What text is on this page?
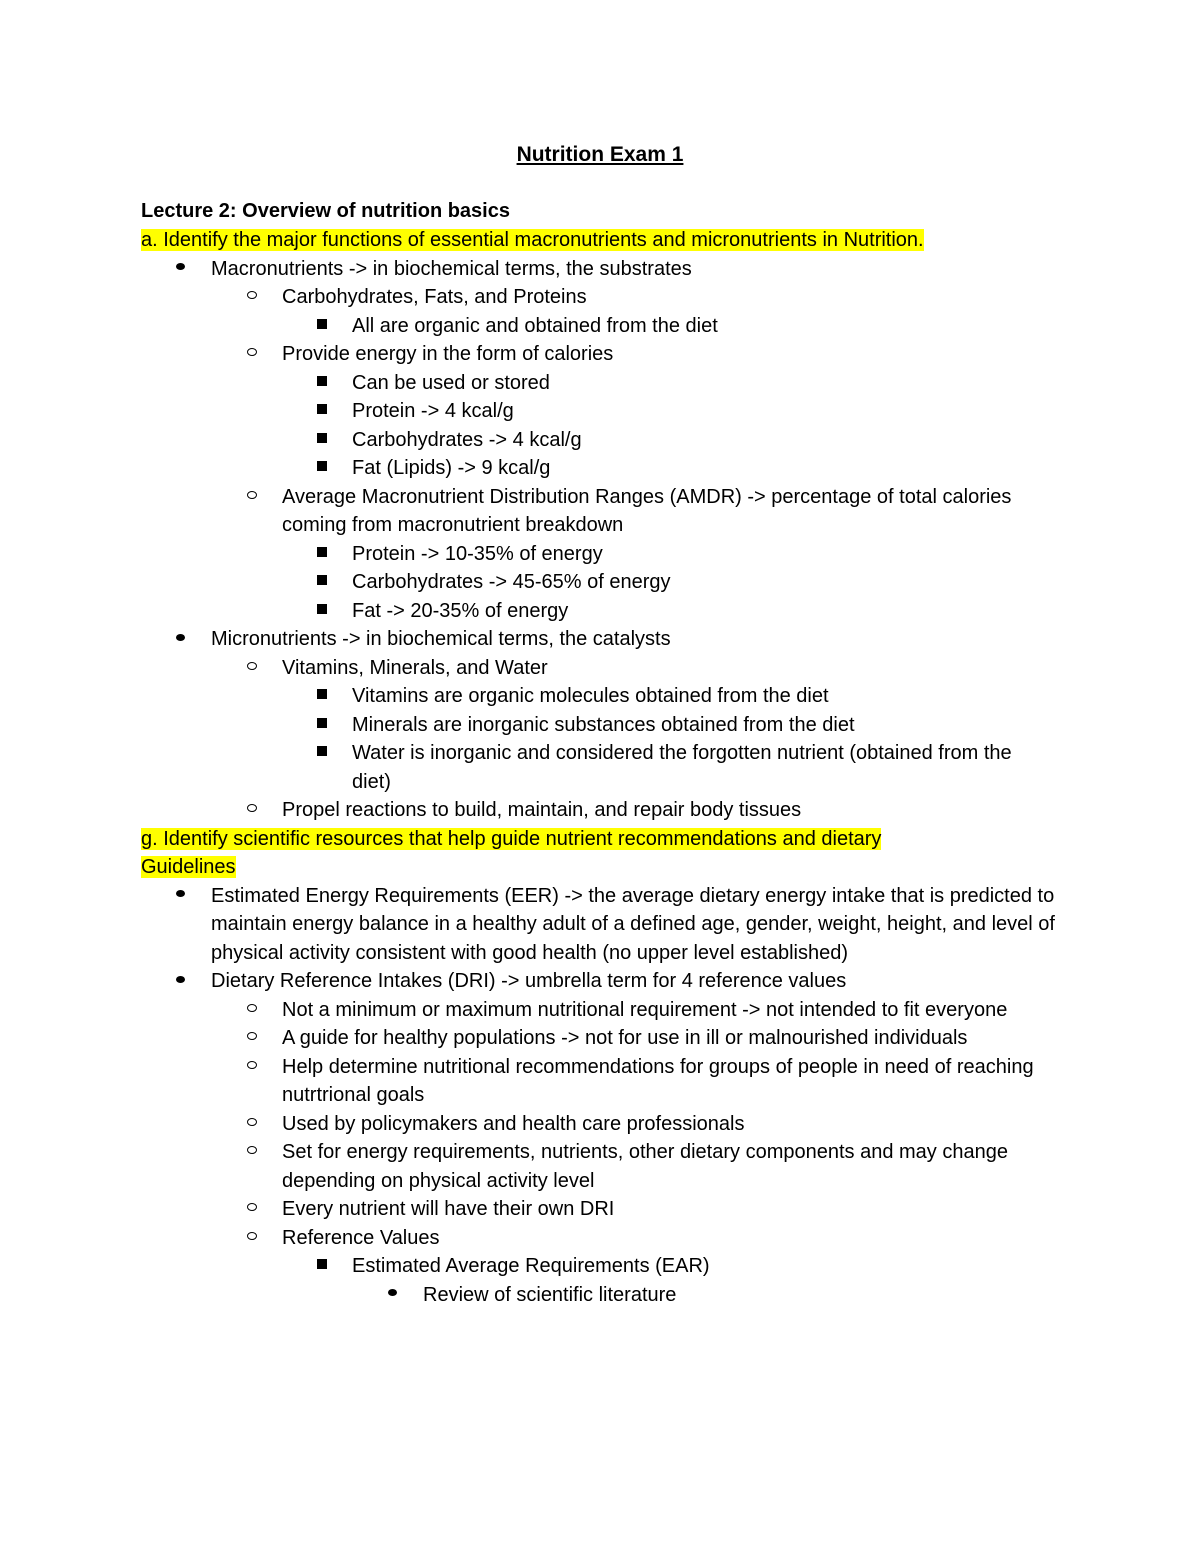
Nutrition Exam 1
Lecture 2: Overview of nutrition basics
a. Identify the major functions of essential macronutrients and micronutrients in Nutrition.
Macronutrients -> in biochemical terms, the substrates
Carbohydrates, Fats, and Proteins
All are organic and obtained from the diet
Provide energy in the form of calories
Can be used or stored
Protein -> 4 kcal/g
Carbohydrates -> 4 kcal/g
Fat (Lipids) -> 9 kcal/g
Average Macronutrient Distribution Ranges (AMDR) -> percentage of total calories coming from macronutrient breakdown
Protein -> 10-35% of energy
Carbohydrates -> 45-65% of energy
Fat -> 20-35% of energy
Micronutrients -> in biochemical terms, the catalysts
Vitamins, Minerals, and Water
Vitamins are organic molecules obtained from the diet
Minerals are inorganic substances obtained from the diet
Water is inorganic and considered the forgotten nutrient (obtained from the diet)
Propel reactions to build, maintain, and repair body tissues
g. Identify scientific resources that help guide nutrient recommendations and dietary Guidelines
Estimated Energy Requirements (EER) -> the average dietary energy intake that is predicted to maintain energy balance in a healthy adult of a defined age, gender, weight, height, and level of physical activity consistent with good health (no upper level established)
Dietary Reference Intakes (DRI) -> umbrella term for 4 reference values
Not a minimum or maximum nutritional requirement -> not intended to fit everyone
A guide for healthy populations -> not for use in ill or malnourished individuals
Help determine nutritional recommendations for groups of people in need of reaching nutrtrional goals
Used by policymakers and health care professionals
Set for energy requirements, nutrients, other dietary components and may change depending on physical activity level
Every nutrient will have their own DRI
Reference Values
Estimated Average Requirements (EAR)
Review of scientific literature
